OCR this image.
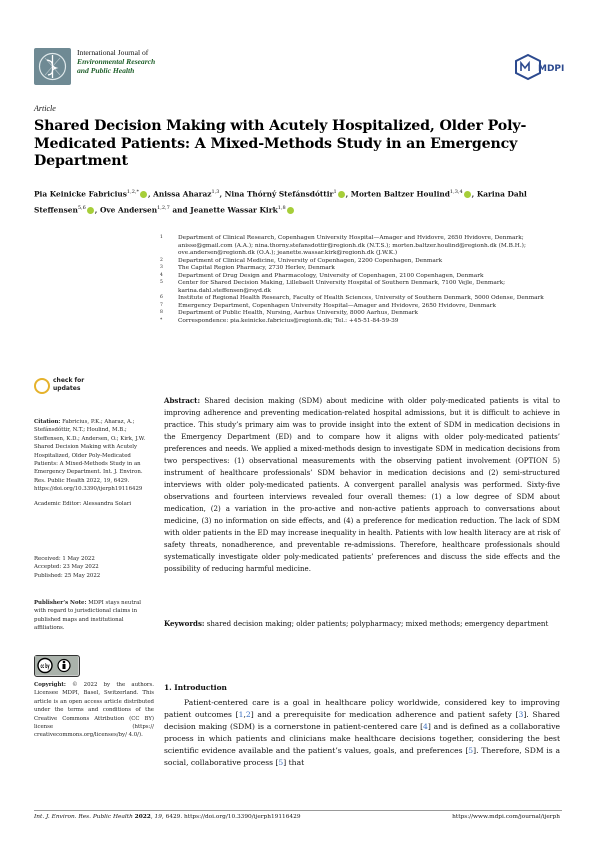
International Journal of
Environmental Research
and Public Health	MDPI
Article
Shared Decision Making with Acutely Hospitalized, Older Poly-Medicated Patients: A Mixed-Methods Study in an Emergency Department
Pia Keinicke Fabricius$^{1,2,*}$ , Anissa Aharaz$^{1,3}$, Nina Thórný Stefánsdóttir$^1$ , Morten Baltzer Houlind$^{1,3,4}$ , Karina Dahl Steffensen$^{5,6}$ , Ove Andersen$^{1,2,7}$ and Jeanette Wassar Kirk$^{1,8}$
1	Department of Clinical Research, Copenhagen University Hospital—Amager and Hvidovre, 2650 Hvidovre, Denmark; anisse@gmail.com (A.A.); nina.thorny.stefansdottir@regionh.dk (N.T.S.); morten.baltzer.houlind@regionh.dk (M.B.H.); ove.andersen@regionh.dk (O.A.); jeanette.wassar.kirk@regionh.dk (J.W.K.)
2	Department of Clinical Medicine, University of Copenhagen, 2200 Copenhagen, Denmark
3	The Capital Region Pharmacy, 2730 Herlev, Denmark
4	Department of Drug Design and Pharmacology, University of Copenhagen, 2100 Copenhagen, Denmark
5	Center for Shared Decision Making, Lillebaelt University Hospital of Southern Denmark, 7100 Vejle, Denmark; karina.dahl.steffensen@rsyd.dk
6	Institute of Regional Health Research, Faculty of Health Sciences, University of Southern Denmark, 5000 Odense, Denmark
7	Emergency Department, Copenhagen University Hospital—Amager and Hvidovre, 2650 Hvidovre, Denmark
8	Department of Public Health, Nursing, Aarhus University, 8000 Aarhus, Denmark
*	Correspondence: pia.keinicke.fabricius@regionh.dk; Tel.: +45-51-84-59-39
check for
updates
Citation: Fabricius, P.K.; Aharaz, A.; Stefánsdóttir, N.T.; Houlind, M.B.; Steffensen, K.D.; Andersen, O.; Kirk, J.W. Shared Decision Making with Acutely Hospitalized, Older Poly-Medicated Patients: A Mixed-Methods Study in an Emergency Department. Int. J. Environ. Res. Public Health 2022, 19, 6429. https://doi.org/10.3390/ijerph19116429
Academic Editor: Alessandra Solari
Received: 1 May 2022
Accepted: 23 May 2022
Published: 25 May 2022
Publisher’s Note: MDPI stays neutral with regard to jurisdictional claims in published maps and institutional affiliations.
cc by
Copyright: © 2022 by the authors. Licensee MDPI, Basel, Switzerland. This article is an open access article distributed under the terms and conditions of the Creative Commons Attribution (CC BY) license (https:// creativecommons.org/licenses/by/ 4.0/).
Abstract: Shared decision making (SDM) about medicine with older poly-medicated patients is vital to improving adherence and preventing medication-related hospital admissions, but it is difficult to achieve in practice. This study’s primary aim was to provide insight into the extent of SDM in medication decisions in the Emergency Department (ED) and to compare how it aligns with older poly-medicated patients’ preferences and needs. We applied a mixed-methods design to investigate SDM in medication decisions from two perspectives: (1) observational measurements with the observing patient involvement (OPTION 5) instrument of healthcare professionals’ SDM behavior in medication decisions and (2) semi-structured interviews with older poly-medicated patients. A convergent parallel analysis was performed. Sixty-five observations and fourteen interviews revealed four overall themes: (1) a low degree of SDM about medication, (2) a variation in the pro-active and non-active patients approach to conversations about medicine, (3) no information on side effects, and (4) a preference for medication reduction. The lack of SDM with older patients in the ED may increase inequality in health. Patients with low health literacy are at risk of safety threats, nonadherence, and preventable re-admissions. Therefore, healthcare professionals should systematically investigate older poly-medicated patients’ preferences and discuss the side effects and the possibility of reducing harmful medicine.
Keywords: shared decision making; older patients; polypharmacy; mixed methods; emergency department
1. Introduction
Patient-centered care is a goal in healthcare policy worldwide, considered key to improving patient outcomes [1,2] and a prerequisite for medication adherence and patient safety [3]. Shared decision making (SDM) is a cornerstone in patient-centered care [4] and is defined as a collaborative process in which patients and clinicians make healthcare decisions together, considering the best scientific evidence available and the patient’s values, goals, and preferences [5]. Therefore, SDM is a social, collaborative process [5] that
Int. J. Environ. Res. Public Health 2022, 19, 6429. https://doi.org/10.3390/ijerph19116429	https://www.mdpi.com/journal/ijerph
